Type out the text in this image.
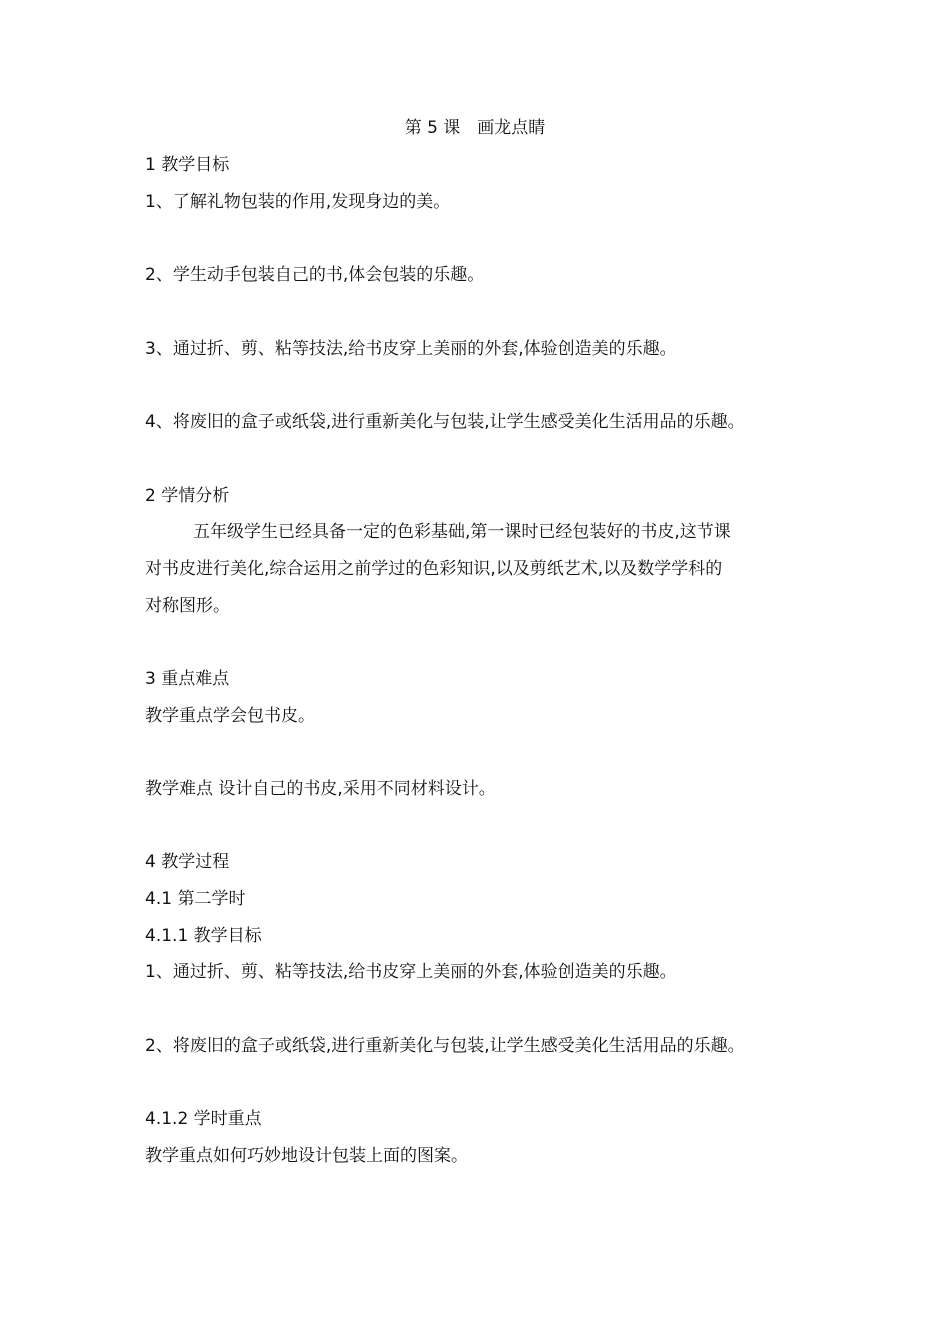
第 5 课　画龙点睛
1 教学目标
1、了解礼物包装的作用,发现身边的美。
2、学生动手包装自己的书,体会包装的乐趣。
3、通过折、剪、粘等技法,给书皮穿上美丽的外套,体验创造美的乐趣。
4、将废旧的盒子或纸袋,进行重新美化与包装,让学生感受美化生活用品的乐趣。
2 学情分析
五年级学生已经具备一定的色彩基础,第一课时已经包装好的书皮,这节课
对书皮进行美化,综合运用之前学过的色彩知识,以及剪纸艺术,以及数学学科的
对称图形。
3 重点难点
教学重点学会包书皮。
教学难点 设计自己的书皮,采用不同材料设计。
4 教学过程
4.1 第二学时
4.1.1 教学目标
1、通过折、剪、粘等技法,给书皮穿上美丽的外套,体验创造美的乐趣。
2、将废旧的盒子或纸袋,进行重新美化与包装,让学生感受美化生活用品的乐趣。
4.1.2 学时重点
教学重点如何巧妙地设计包装上面的图案。
